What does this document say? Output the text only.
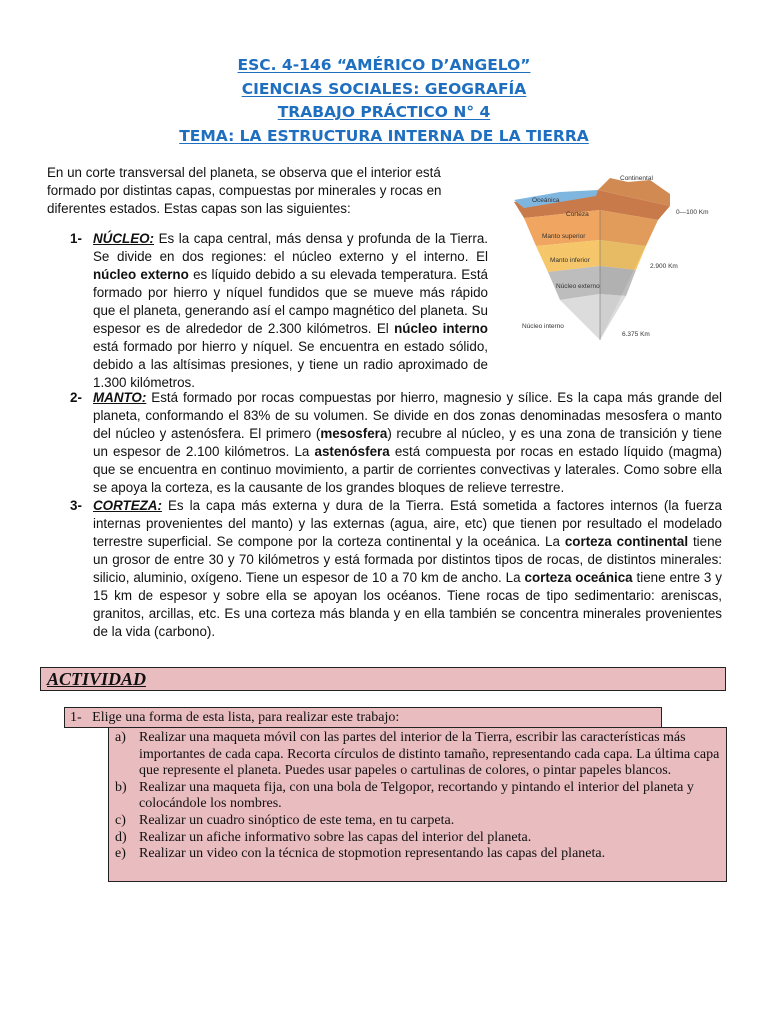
ESC. 4-146 “AMÉRICO D’ANGELO”
CIENCIAS SOCIALES: GEOGRAFÍA
TRABAJO PRÁCTICO N° 4
TEMA: LA ESTRUCTURA INTERNA DE LA TIERRA
En un corte transversal del planeta, se observa que el interior está formado por distintas capas, compuestas por minerales y rocas en diferentes estados. Estas capas son las siguientes:
Continental
Oceánica
Corteza
Manto superior
Manto inferior
Núcleo externo
Núcleo interno
0—100 Km
2.900 Km
6.375 Km
1- NÚCLEO: Es la capa central, más densa y profunda de la Tierra. Se divide en dos regiones: el núcleo externo y el interno. El núcleo externo es líquido debido a su elevada temperatura. Está formado por hierro y níquel fundidos que se mueve más rápido que el planeta, generando así el campo magnético del planeta. Su espesor es de alrededor de 2.300 kilómetros. El núcleo interno está formado por hierro y níquel. Se encuentra en estado sólido, debido a las altísimas presiones, y tiene un radio aproximado de 1.300 kilómetros.
2- MANTO: Está formado por rocas compuestas por hierro, magnesio y sílice. Es la capa más grande del planeta, conformando el 83% de su volumen. Se divide en dos zonas denominadas mesosfera o manto del núcleo y astenósfera. El primero (mesosfera) recubre al núcleo, y es una zona de transición y tiene un espesor de 2.100 kilómetros. La astenósfera está compuesta por rocas en estado líquido (magma) que se encuentra en continuo movimiento, a partir de corrientes convectivas y laterales. Como sobre ella se apoya la corteza, es la causante de los grandes bloques de relieve terrestre.
3- CORTEZA: Es la capa más externa y dura de la Tierra. Está sometida a factores internos (la fuerza internas provenientes del manto) y las externas (agua, aire, etc) que tienen por resultado el modelado terrestre superficial. Se compone por la corteza continental y la oceánica. La corteza continental tiene un grosor de entre 30 y 70 kilómetros y está formada por distintos tipos de rocas, de distintos minerales: silicio, aluminio, oxígeno. Tiene un espesor de 10 a 70 km de ancho. La corteza oceánica tiene entre 3 y 15 km de espesor y sobre ella se apoyan los océanos. Tiene rocas de tipo sedimentario: areniscas, granitos, arcillas, etc. Es una corteza más blanda y en ella también se concentra minerales provenientes de la vida (carbono).
ACTIVIDAD
1- Elige una forma de esta lista, para realizar este trabajo:
a) Realizar una maqueta móvil con las partes del interior de la Tierra, escribir las características más importantes de cada capa. Recorta círculos de distinto tamaño, representando cada capa. La última capa que represente el planeta. Puedes usar papeles o cartulinas de colores, o pintar papeles blancos.
b) Realizar una maqueta fija, con una bola de Telgopor, recortando y pintando el interior del planeta y colocándole los nombres.
c) Realizar un cuadro sinóptico de este tema, en tu carpeta.
d) Realizar un afiche informativo sobre las capas del interior del planeta.
e) Realizar un video con la técnica de stopmotion representando las capas del planeta.
